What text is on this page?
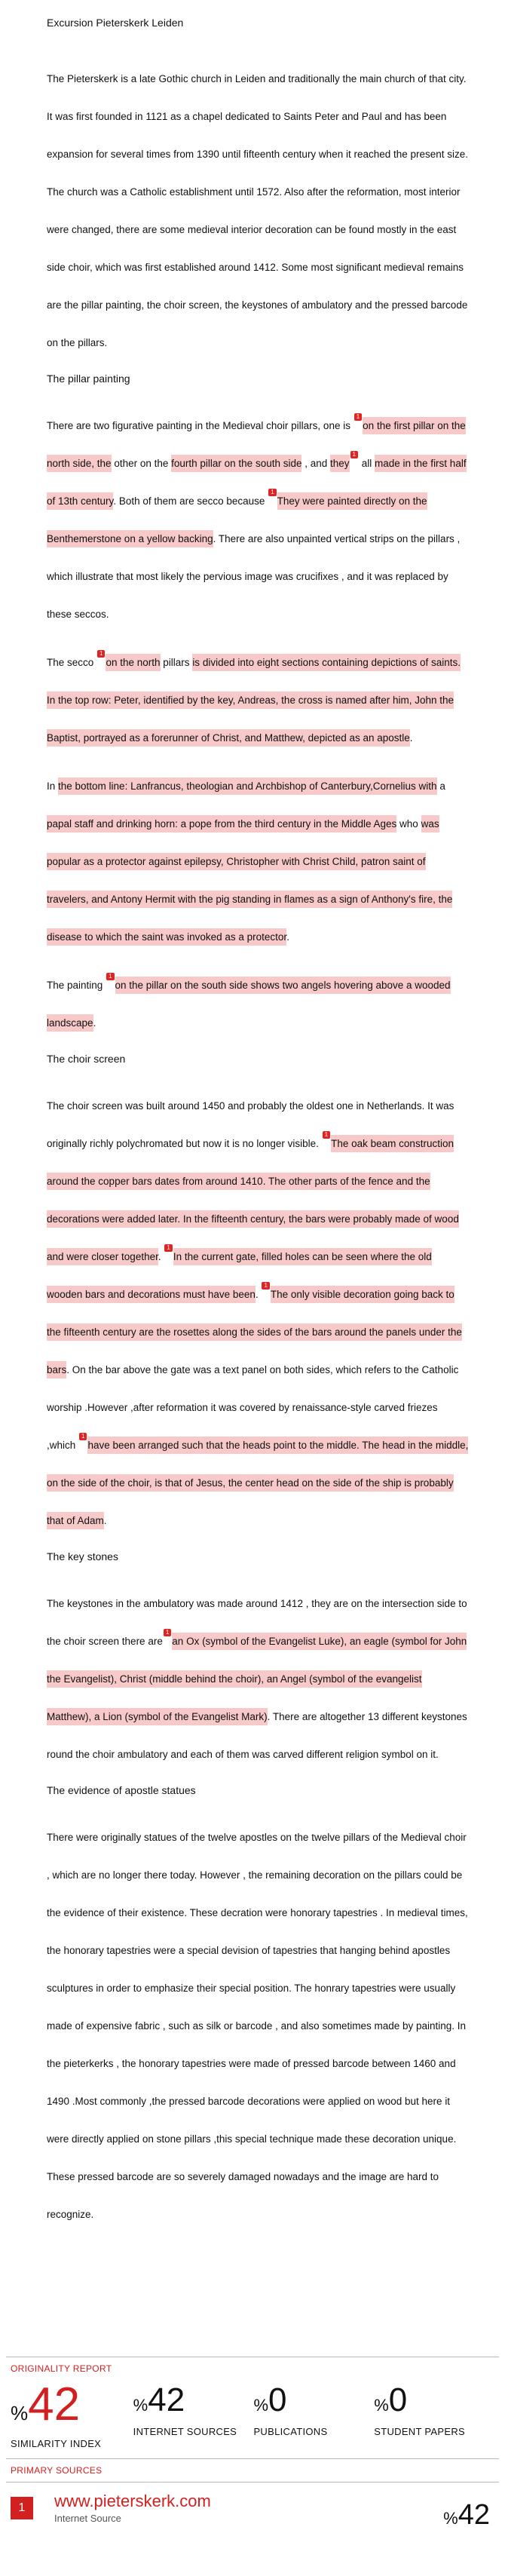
Excursion Pieterskerk Leiden
The Pieterskerk is a late Gothic church in Leiden and traditionally the main church of that city. It was first founded in 1121 as a chapel dedicated to Saints Peter and Paul and has been expansion for several times from 1390 until fifteenth century when it reached the present size. The church was a Catholic establishment until 1572. Also after the reformation, most interior were changed, there are some medieval interior decoration can be found mostly in the east side choir, which was first established around 1412. Some most significant medieval remains are the pillar painting, the choir screen, the keystones of ambulatory and the pressed barcode on the pillars.
The pillar painting
There are two figurative painting in the Medieval choir pillars, one is 1on the first pillar on the north side, the other on the fourth pillar on the south side , and they1 all made in the first half of 13th century. Both of them are secco because 1They were painted directly on the Benthemerstone on a yellow backing. There are also unpainted vertical strips on the pillars , which illustrate that most likely the pervious image was crucifixes , and it was replaced by these seccos.
The secco 1on the north pillars is divided into eight sections containing depictions of saints. In the top row: Peter, identified by the key, Andreas, the cross is named after him, John the Baptist, portrayed as a forerunner of Christ, and Matthew, depicted as an apostle.
In the bottom line: Lanfrancus, theologian and Archbishop of Canterbury,Cornelius with a papal staff and drinking horn: a pope from the third century in the Middle Ages who was popular as a protector against epilepsy, Christopher with Christ Child, patron saint of travelers, and Antony Hermit with the pig standing in flames as a sign of Anthony's fire, the disease to which the saint was invoked as a protector.
The painting 1on the pillar on the south side shows two angels hovering above a wooded landscape.
The choir screen
The choir screen was built around 1450 and probably the oldest one in Netherlands. It was originally richly polychromated but now it is no longer visible. 1The oak beam construction around the copper bars dates from around 1410. The other parts of the fence and the decorations were added later. In the fifteenth century, the bars were probably made of wood and were closer together. 1In the current gate, filled holes can be seen where the old wooden bars and decorations must have been. 1The only visible decoration going back to the fifteenth century are the rosettes along the sides of the bars around the panels under the bars. On the bar above the gate was a text panel on both sides, which refers to the Catholic worship .However ,after reformation it was covered by renaissance-style carved friezes ,which 1have been arranged such that the heads point to the middle. The head in the middle, on the side of the choir, is that of Jesus, the center head on the side of the ship is probably that of Adam.
The key stones
The keystones in the ambulatory was made around 1412 , they are on the intersection side to the choir screen there are1an Ox (symbol of the Evangelist Luke), an eagle (symbol for John the Evangelist), Christ (middle behind the choir), an Angel (symbol of the evangelist Matthew), a Lion (symbol of the Evangelist Mark). There are altogether 13 different keystones round the choir ambulatory and each of them was carved different religion symbol on it.
The evidence of apostle statues
There were originally statues of the twelve apostles on the twelve pillars of the Medieval choir , which are no longer there today. However , the remaining decoration on the pillars could be the evidence of their existence. These decration were honorary tapestries . In medieval times, the honorary tapestries were a special devision of tapestries that hanging behind apostles sculptures in order to emphasize their special position. The honrary tapestries were usually made of expensive fabric , such as silk or barcode , and also sometimes made by painting. In the pieterkerks , the honorary tapestries were made of pressed barcode between 1460 and 1490 .Most commonly ,the pressed barcode decorations were applied on wood but here it were directly applied on stone pillars ,this special technique made these decoration unique. These pressed barcode are so severely damaged nowadays and the image are hard to recognize.
ORIGINALITY REPORT
%42
SIMILARITY INDEX
%42
INTERNET SOURCES
%0
PUBLICATIONS
%0
STUDENT PAPERS
PRIMARY SOURCES
1	www.pieterskerk.com
Internet Source	%42
